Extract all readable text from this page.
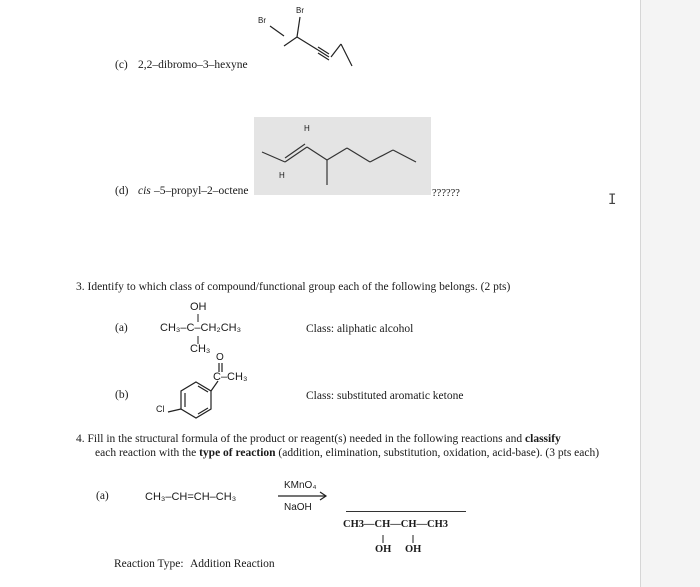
(c) 2,2–dibromo–3–hexyne
Br
Br
(d) cis –5–propyl–2–octene
H
H
??????
3. Identify to which class of compound/functional group each of the following belongs. (2 pts)
(a)
OH
CH₃–C–CH₂CH₃
CH₃
Class: aliphatic alcohol
(b)
O
C–CH₃
Cl
Class: substituted aromatic ketone
4. Fill in the structural formula of the product or reagent(s) needed in the following reactions and classify
each reaction with the type of reaction (addition, elimination, substitution, oxidation, acid-base). (3 pts each)
(a)	CH₃–CH=CH–CH₃
KMnO₄
NaOH
CH3—CH—CH—CH3
OH OH
Reaction Type: Addition Reaction
I
